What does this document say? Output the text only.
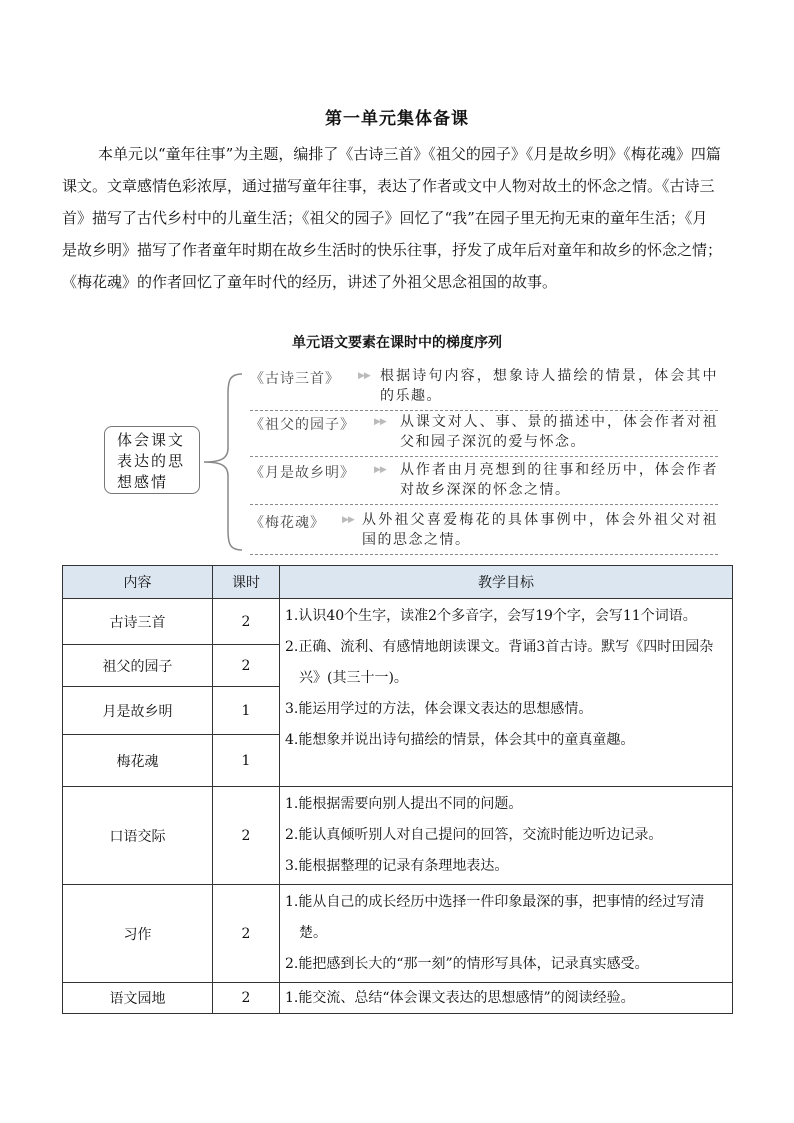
第一单元集体备课

本单元以“童年往事”为主题，编排了《古诗三首》《祖父的园子》《月是故乡明》《梅花魂》四篇课文。文章感情色彩浓厚，通过描写童年往事，表达了作者或文中人物对故土的怀念之情。《古诗三首》描写了古代乡村中的儿童生活；《祖父的园子》回忆了“我”在园子里无拘无束的童年生活；《月是故乡明》描写了作者童年时期在故乡生活时的快乐往事，抒发了成年后对童年和故乡的怀念之情；《梅花魂》的作者回忆了童年时代的经历，讲述了外祖父思念祖国的故事。

单元语文要素在课时中的梯度序列
体会课文表达的思想感情
《古诗三首》 ▶▶ 根据诗句内容，想象诗人描绘的情景，体会其中的乐趣。
《祖父的园子》 ▶▶ 从课文对人、事、景的描述中，体会作者对祖父和园子深沉的爱与怀念。
《月是故乡明》 ▶▶ 从作者由月亮想到的往事和经历中，体会作者对故乡深深的怀念之情。
《梅花魂》 ▶▶ 从外祖父喜爱梅花的具体事例中，体会外祖父对祖国的思念之情。
内容	课时	教学目标
古诗三首	2	1.认识40个生字，读准2个多音字，会写19个字，会写11个词语。
2.正确、流利、有感情地朗读课文。背诵3首古诗。默写《四时田园杂兴》(其三十一)。
3.能运用学过的方法，体会课文表达的思想感情。
4.能想象并说出诗句描绘的情景，体会其中的童真童趣。

祖父的园子	2	
月是故乡明	1	
梅花魂	1	
口语交际	2	1.能根据需要向别人提出不同的问题。
2.能认真倾听别人对自己提问的回答，交流时能边听边记录。
3.能根据整理的记录有条理地表达。

习作	2	1.能从自己的成长经历中选择一件印象最深的事，把事情的经过写清楚。
2.能把感到长大的“那一刻”的情形写具体，记录真实感受。

语文园地	2	1.能交流、总结“体会课文表达的思想感情”的阅读经验。
